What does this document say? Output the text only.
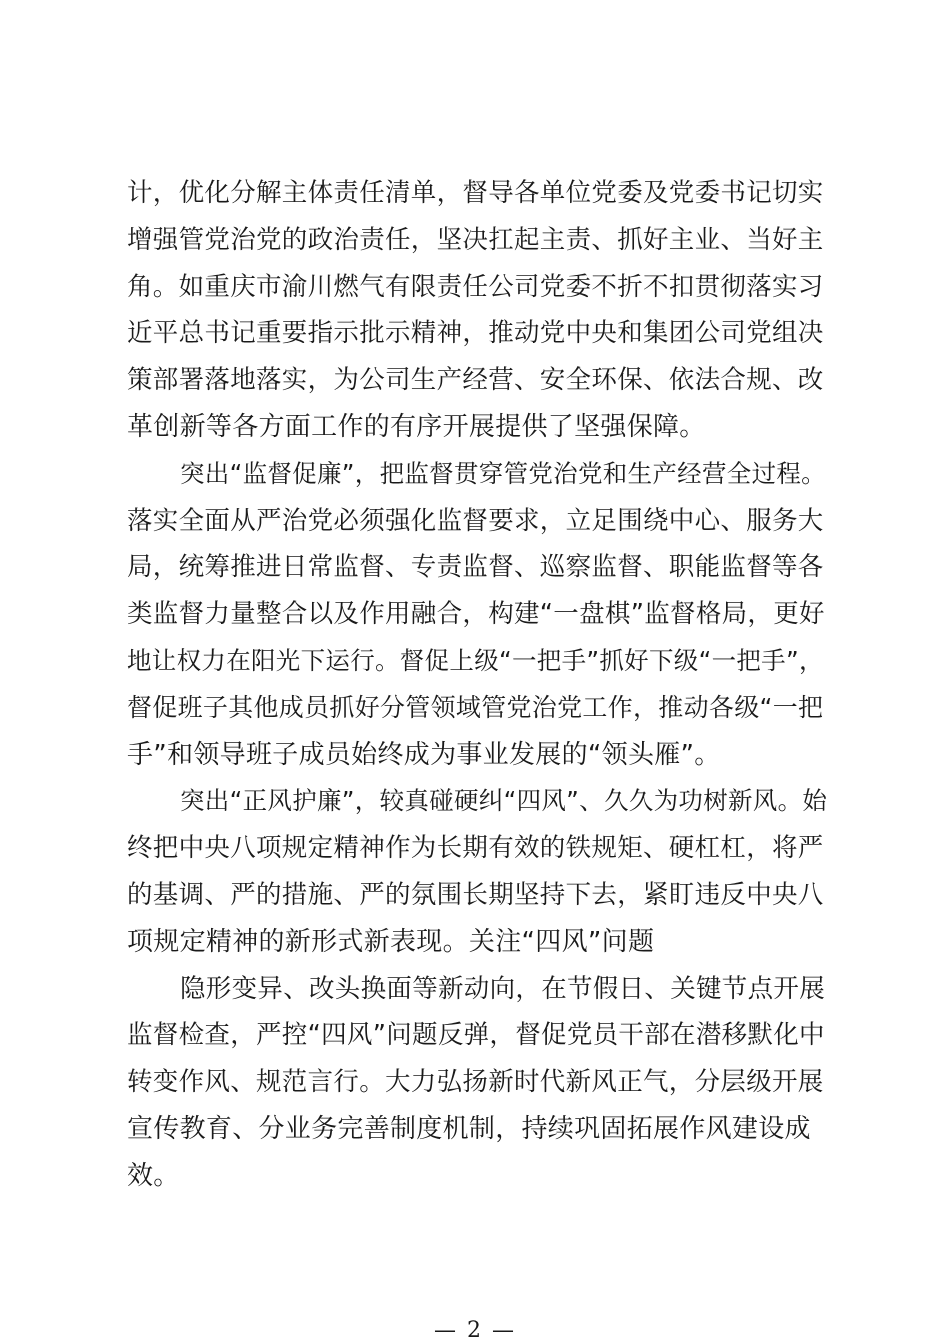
计，优化分解主体责任清单，督导各单位党委及党委书记切实
增强管党治党的政治责任，坚决扛起主责、抓好主业、当好主
角。如重庆市渝川燃气有限责任公司党委不折不扣贯彻落实习
近平总书记重要指示批示精神，推动党中央和集团公司党组决
策部署落地落实，为公司生产经营、安全环保、依法合规、改
革创新等各方面工作的有序开展提供了坚强保障。
突出“监督促廉”，把监督贯穿管党治党和生产经营全过程。
落实全面从严治党必须强化监督要求，立足围绕中心、服务大
局，统筹推进日常监督、专责监督、巡察监督、职能监督等各
类监督力量整合以及作用融合，构建“一盘棋”监督格局，更好
地让权力在阳光下运行。督促上级“一把手”抓好下级“一把手”，
督促班子其他成员抓好分管领域管党治党工作，推动各级“一把
手”和领导班子成员始终成为事业发展的“领头雁”。
突出“正风护廉”，较真碰硬纠“四风”、久久为功树新风。始
终把中央八项规定精神作为长期有效的铁规矩、硬杠杠，将严
的基调、严的措施、严的氛围长期坚持下去，紧盯违反中央八
项规定精神的新形式新表现。关注“四风”问题
隐形变异、改头换面等新动向，在节假日、关键节点开展
监督检查，严控“四风”问题反弹，督促党员干部在潜移默化中
转变作风、规范言行。大力弘扬新时代新风正气，分层级开展
宣传教育、分业务完善制度机制，持续巩固拓展作风建设成
效。
— 2 —
